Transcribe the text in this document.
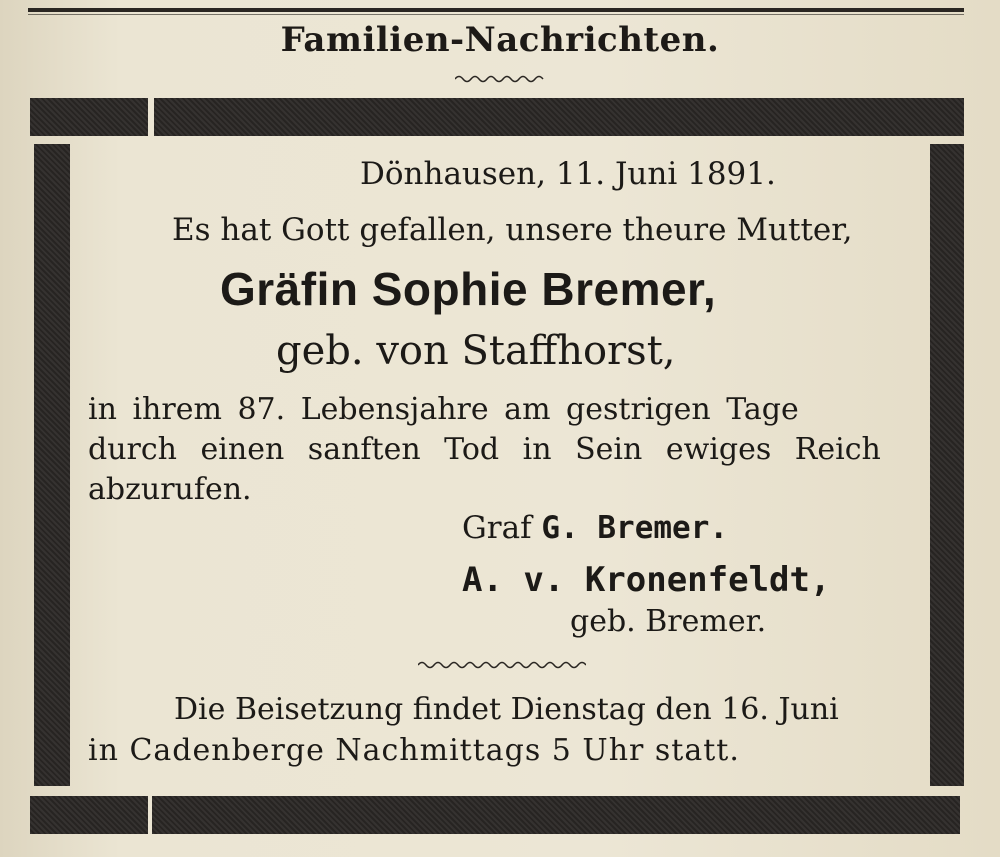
Familien-Nachrichten.
Dönhausen, 11. Juni 1891.
Es hat Gott gefallen, unsere theure Mutter,
Gräfin Sophie Bremer,
geb. von Staffhorst,
in ihrem 87. Lebensjahre am gestrigen Tage
durch einen sanften Tod in Sein ewiges Reich
abzurufen.
Graf G. Bremer.
A. v. Kronenfeldt,
geb. Bremer.
Die Beisetzung findet Dienstag den 16. Juni
in Cadenberge Nachmittags 5 Uhr statt.
